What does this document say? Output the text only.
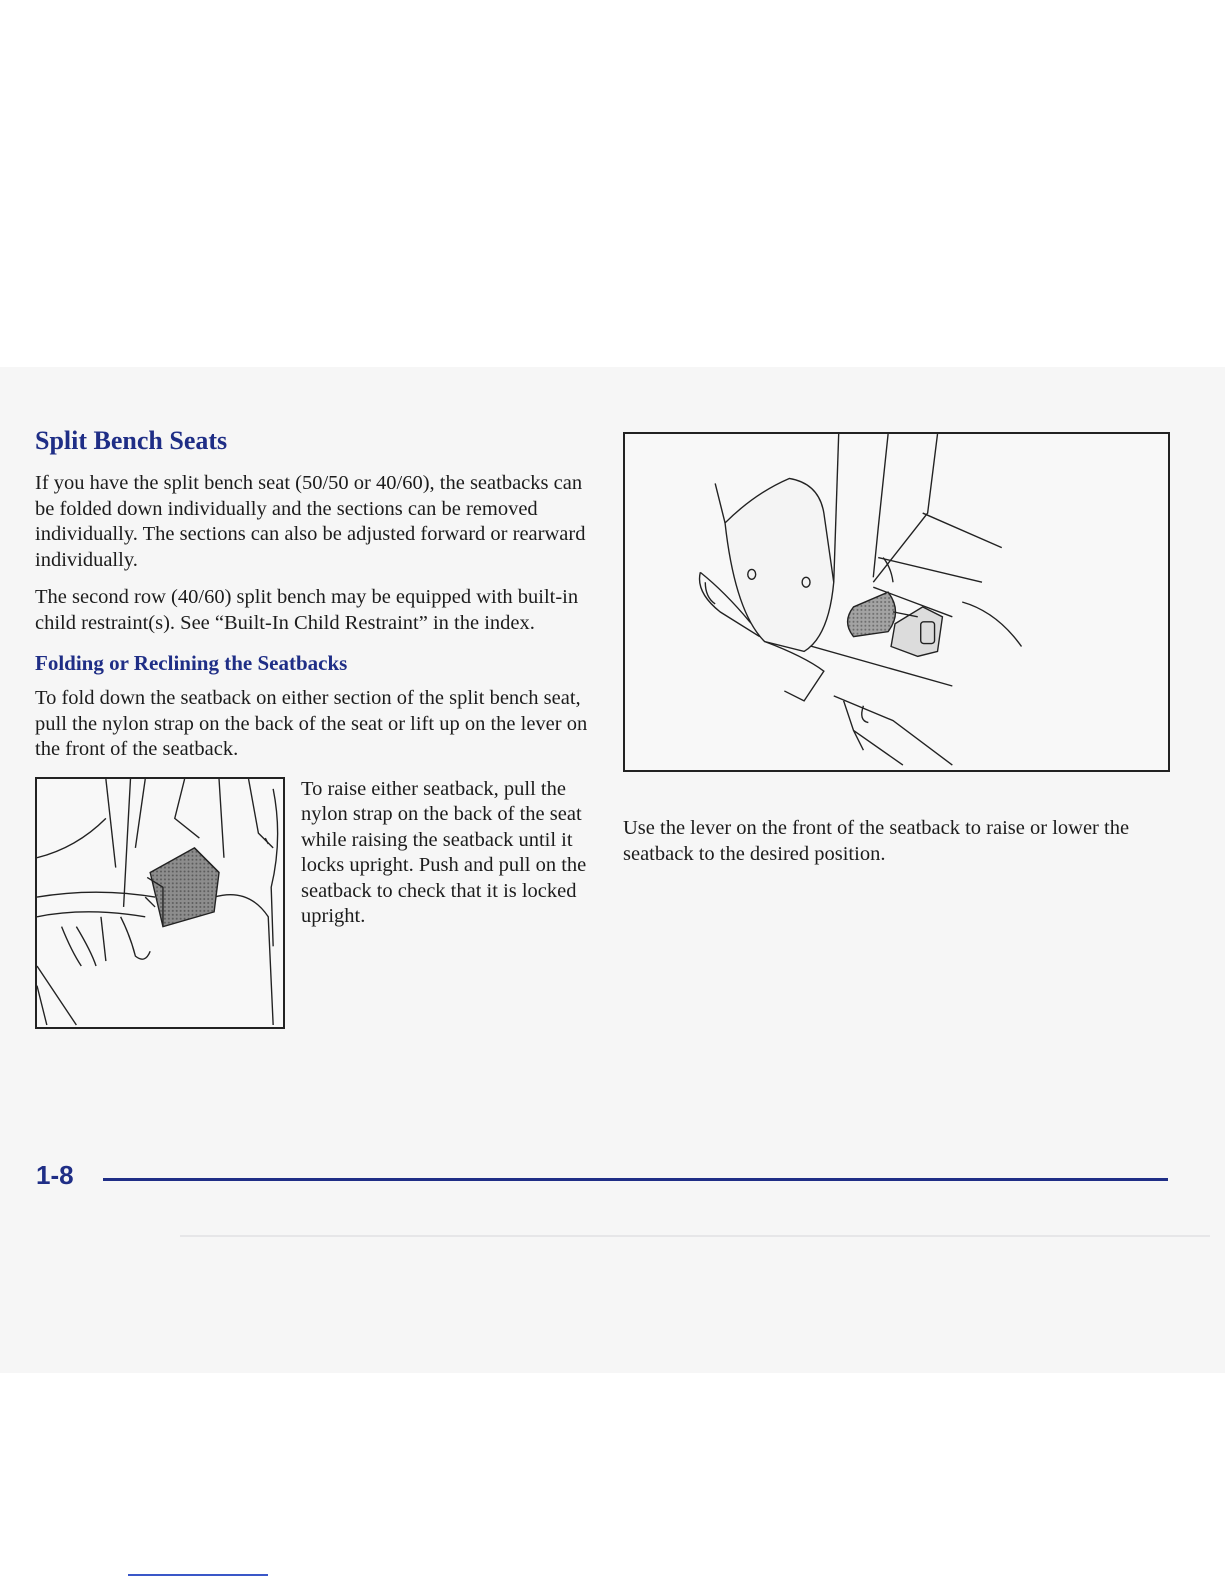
Split Bench Seats

If you have the split bench seat (50/50 or 40/60), the seatbacks can be folded down individually and the sections can be removed individually. The sections can also be adjusted forward or rearward individually.

The second row (40/60) split bench may be equipped with built-in child restraint(s). See “Built-In Child Restraint” in the index.

Folding or Reclining the Seatbacks

To fold down the seatback on either section of the split bench seat, pull the nylon strap on the back of the seat or lift up on the lever on the front of the seatback.

To raise either seatback, pull the nylon strap on the back of the seat while raising the seatback until it locks upright. Push and pull on the seatback to check that it is locked upright.

Use the lever on the front of the seatback to raise or lower the seatback to the desired position.

1-8
